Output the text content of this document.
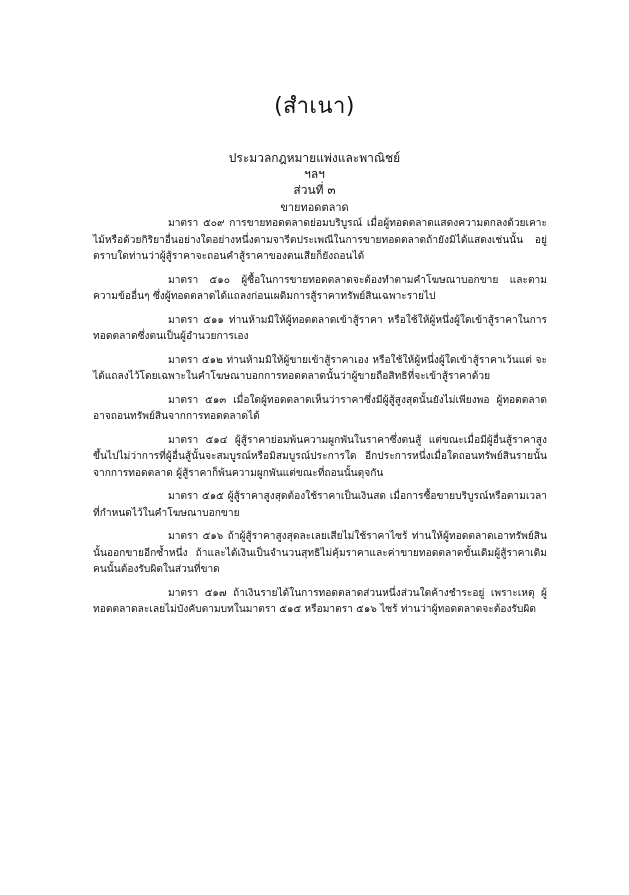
(สำเนา)
ประมวลกฎหมายแพ่งและพาณิชย์
ฯลฯ
ส่วนที่ ๓
ขายทอดตลาด

มาตรา ๕๐๙ การขายทอดตลาดย่อมบริบูรณ์ เมื่อผู้ทอดตลาดแสดงความตกลงด้วยเคาะไม้หรือด้วยกิริยาอื่นอย่างใดอย่างหนึ่งตามจารีตประเพณีในการขายทอดตลาดถ้ายังมิได้แสดงเช่นนั้น อยู่ตราบใดท่านว่าผู้สู้ราคาจะถอนคำสู้ราคาของตนเสียก็ยังถอนได้

มาตรา ๕๑๐ ผู้ซื้อในการขายทอดตลาดจะต้องทำตามคำโฆษณาบอกขาย และตามความข้ออื่นๆ ซึ่งผู้ทอดตลาดได้แถลงก่อนเผดิมการสู้ราคาทรัพย์สินเฉพาะรายไป

มาตรา ๕๑๑ ท่านห้ามมิให้ผู้ทอดตลาดเข้าสู้ราคา หรือใช้ให้ผู้หนึ่งผู้ใดเข้าสู้ราคาในการทอดตลาดซึ่งตนเป็นผู้อำนวยการเอง

มาตรา ๕๑๒ ท่านห้ามมิให้ผู้ขายเข้าสู้ราคาเอง หรือใช้ให้ผู้หนึ่งผู้ใดเข้าสู้ราคาเว้นแต่ จะได้แถลงไว้โดยเฉพาะในคำโฆษณาบอกการทอดตลาดนั้นว่าผู้ขายถือสิทธิที่จะเข้าสู้ราคาด้วย

มาตรา ๕๑๓ เมื่อใดผู้ทอดตลาดเห็นว่าราคาซึ่งมีผู้สู้สูงสุดนั้นยังไม่เพียงพอ ผู้ทอดตลาดอาจถอนทรัพย์สินจากการทอดตลาดได้

มาตรา ๕๑๔ ผู้สู้ราคาย่อมพ้นความผูกพันในราคาซึ่งตนสู้ แต่ขณะเมื่อมีผู้อื่นสู้ราคาสูงขึ้นไปไม่ว่าการที่ผู้อื่นสู้นั้นจะสมบูรณ์หรือมิสมบูรณ์ประการใด อีกประการหนึ่งเมื่อใดถอนทรัพย์สินรายนั้น จากการทอดตลาด ผู้สู้ราคาก็พ้นความผูกพันแต่ขณะที่ถอนนั้นดุจกัน

มาตรา ๕๑๕ ผู้สู้ราคาสูงสุดต้องใช้ราคาเป็นเงินสด เมื่อการซื้อขายบริบูรณ์หรือตามเวลาที่กำหนดไว้ในคำโฆษณาบอกขาย

มาตรา ๕๑๖ ถ้าผู้สู้ราคาสูงสุดละเลยเสียไม่ใช้ราคาไซร้ ท่านให้ผู้ทอดตลาดเอาทรัพย์สินนั้นออกขายอีกซ้ำหนึ่ง ถ้าและได้เงินเป็นจำนวนสุทธิไม่คุ้มราคาและค่าขายทอดตลาดขั้นเดิมผู้สู้ราคาเดิมคนนั้นต้องรับผิดในส่วนที่ขาด

มาตรา ๕๑๗ ถ้าเงินรายได้ในการทอดตลาดส่วนหนึ่งส่วนใดค้างชำระอยู่ เพราะเหตุ ผู้ทอดตลาดละเลยไม่บังคับตามบทในมาตรา ๕๑๕ หรือมาตรา ๕๑๖ ไซร้ ท่านว่าผู้ทอดตลาดจะต้องรับผิด
